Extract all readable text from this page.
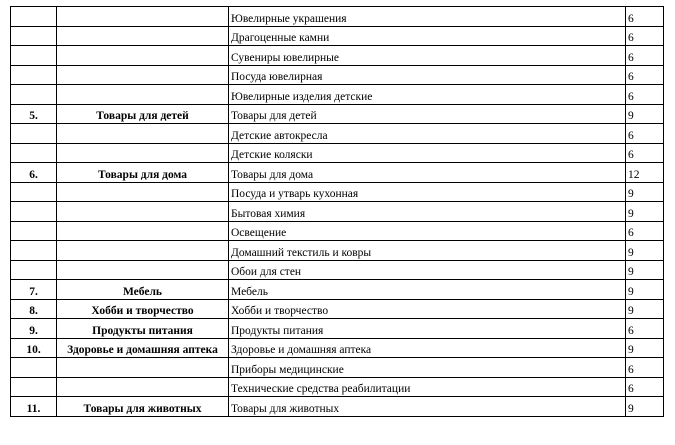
		Ювелирные украшения	6
		Драгоценные камни	6
		Сувениры ювелирные	6
		Посуда ювелирная	6
		Ювелирные изделия детские	6
5.	Товары для детей	Товары для детей	9
		Детские автокресла	6
		Детские коляски	6
6.	Товары для дома	Товары для дома	12
		Посуда и утварь кухонная	9
		Бытовая химия	9
		Освещение	6
		Домашний текстиль и ковры	9
		Обои для стен	9
7.	Мебель	Мебель	9
8.	Хобби и творчество	Хобби и творчество	9
9.	Продукты питания	Продукты питания	6
10.	Здоровье и домашняя аптека	Здоровье и домашняя аптека	9
		Приборы медицинские	6
		Технические средства реабилитации	6
11.	Товары для животных	Товары для животных	9
